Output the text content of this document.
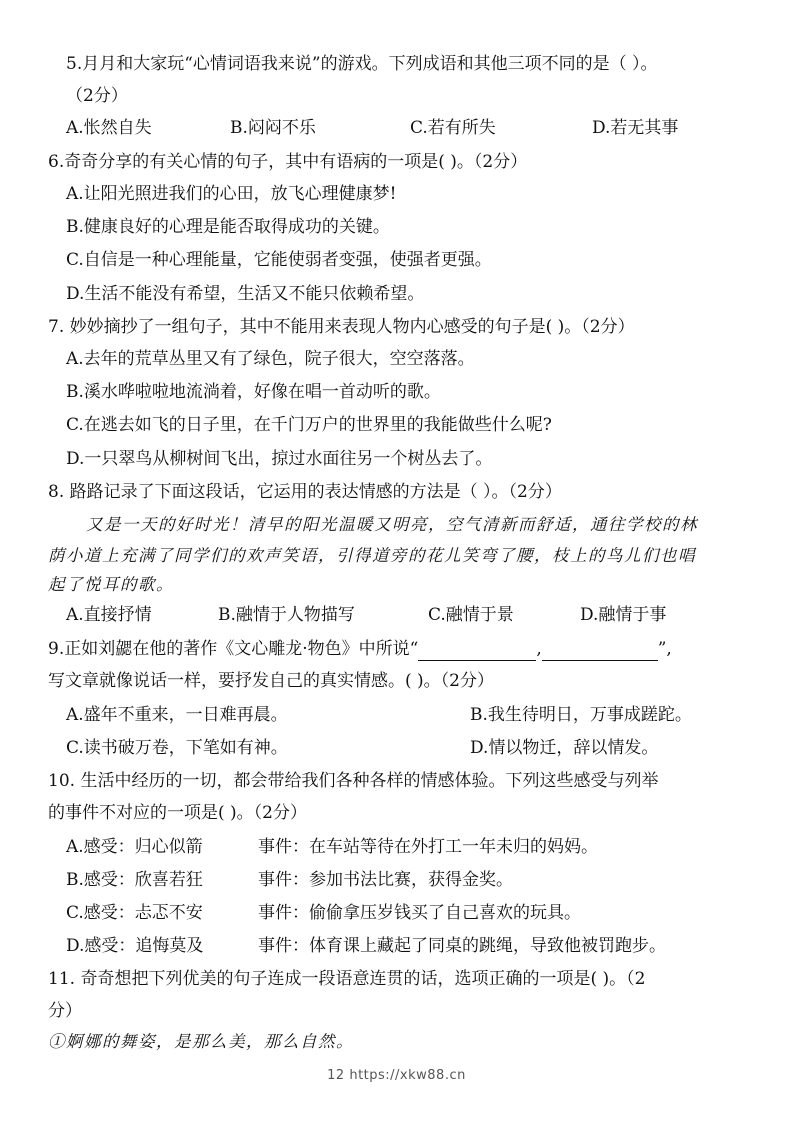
5.月月和大家玩“心情词语我来说”的游戏。下列成语和其他三项不同的是（ ）。
（2分）
A.怅然自失	B.闷闷不乐	C.若有所失	D.若无其事
6.奇奇分享的有关心情的句子，其中有语病的一项是( )。（2分）
A.让阳光照进我们的心田，放飞心理健康梦!
B.健康良好的心理是能否取得成功的关键。
C.自信是一种心理能量，它能使弱者变强，使强者更强。
D.生活不能没有希望，生活又不能只依赖希望。
7. 妙妙摘抄了一组句子，其中不能用来表现人物内心感受的句子是( )。（2分）
A.去年的荒草丛里又有了绿色，院子很大，空空落落。
B.溪水哗啦啦地流淌着，好像在唱一首动听的歌。
C.在逃去如飞的日子里，在千门万户的世界里的我能做些什么呢?
D.一只翠鸟从柳树间飞出，掠过水面往另一个树丛去了。
8. 路路记录了下面这段话，它运用的表达情感的方法是（ ）。（2分）
又是一天的好时光！清早的阳光温暖又明亮，空气清新而舒适，通往学校的林
荫小道上充满了同学们的欢声笑语，引得道旁的花儿笑弯了腰，枝上的鸟儿们也唱
起了悦耳的歌。
A.直接抒情	B.融情于人物描写	C.融情于景	D.融情于事
9.正如刘勰在他的著作《文心雕龙·物色》中所说“	,	”,
写文章就像说话一样，要抒发自己的真实情感。( )。（2分）
A.盛年不重来，一日难再晨。	B.我生待明日，万事成蹉跎。
C.读书破万卷，下笔如有神。	D.情以物迁，辞以情发。
10. 生活中经历的一切，都会带给我们各种各样的情感体验。下列这些感受与列举
的事件不对应的一项是( )。（2分）
A.感受：归心似箭	事件：在车站等待在外打工一年未归的妈妈。
B.感受：欣喜若狂	事件：参加书法比赛，获得金奖。
C.感受：忐忑不安	事件：偷偷拿压岁钱买了自己喜欢的玩具。
D.感受：追悔莫及	事件：体育课上藏起了同桌的跳绳，导致他被罚跑步。
11. 奇奇想把下列优美的句子连成一段语意连贯的话，选项正确的一项是( )。（2
分）
①婀娜的舞姿，是那么美，那么自然。
12 https://xkw88.cn
